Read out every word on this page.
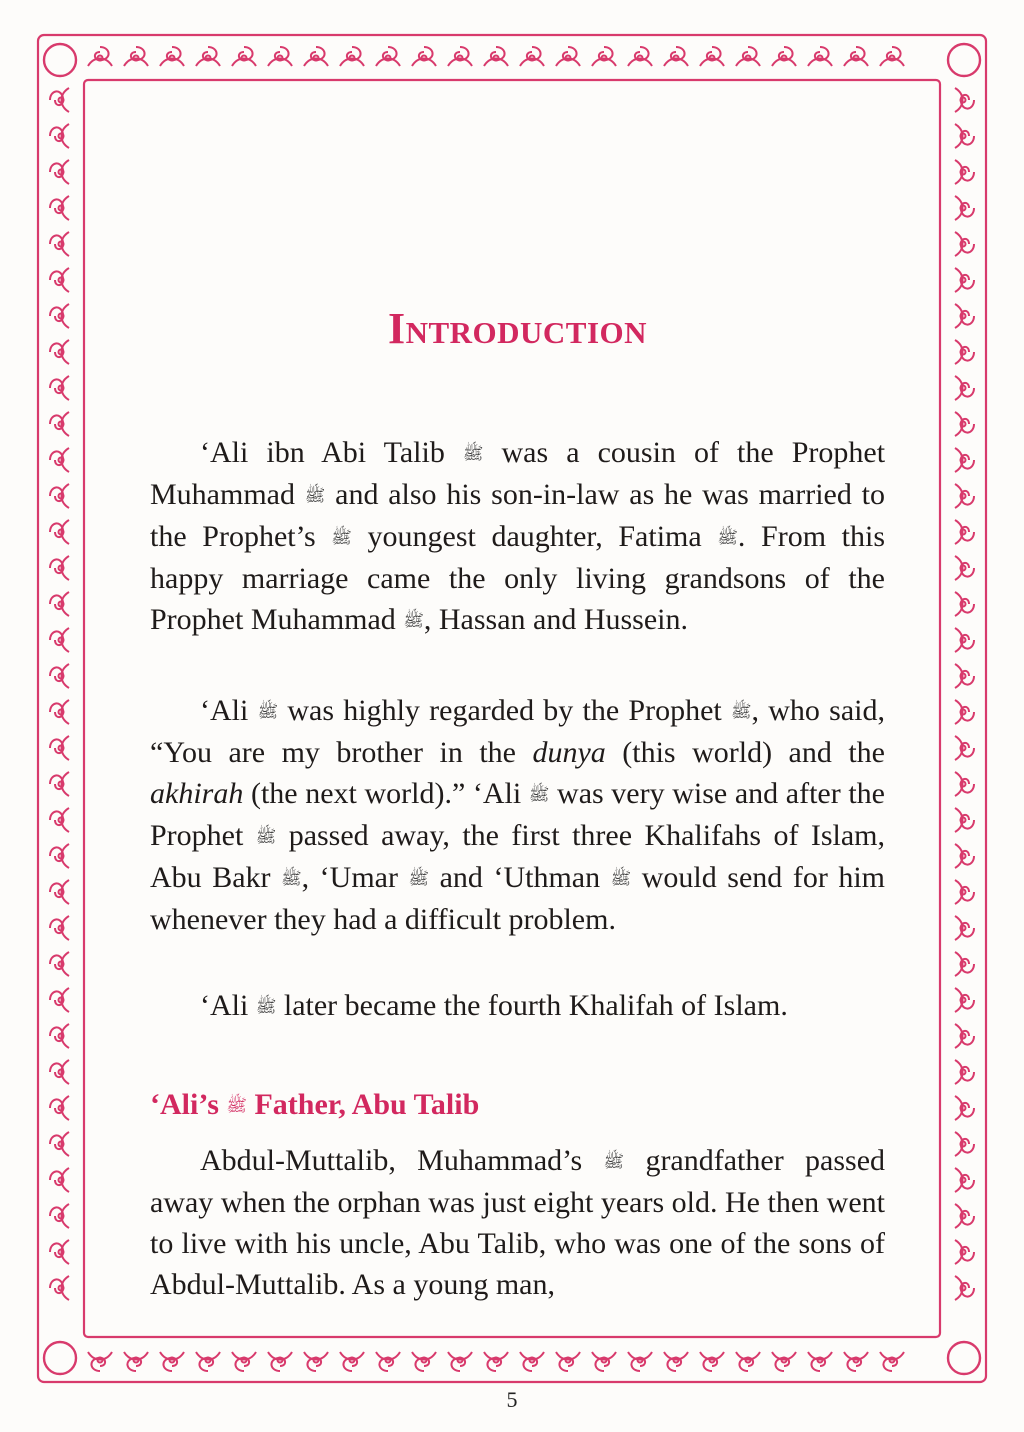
Introduction

‘Ali ibn Abi Talib ﷺ was a cousin of the Prophet Muhammad ﷺ and also his son-in-law as he was married to the Prophet’s ﷺ youngest daughter, Fatima ﷺ. From this happy marriage came the only living grandsons of the Prophet Muhammad ﷺ, Hassan and Hussein.

‘Ali ﷺ was highly regarded by the Prophet ﷺ, who said, “You are my brother in the dunya (this world) and the akhirah (the next world).” ‘Ali ﷺ was very wise and after the Prophet ﷺ passed away, the first three Khalifahs of Islam, Abu Bakr ﷺ, ‘Umar ﷺ and ‘Uthman ﷺ would send for him whenever they had a difficult problem.

‘Ali ﷺ later became the fourth Khalifah of Islam.

‘Ali’s ﷺ Father, Abu Talib

Abdul-Muttalib, Muhammad’s ﷺ grandfather passed away when the orphan was just eight years old. He then went to live with his uncle, Abu Talib, who was one of the sons of Abdul-Muttalib. As a young man,

5
